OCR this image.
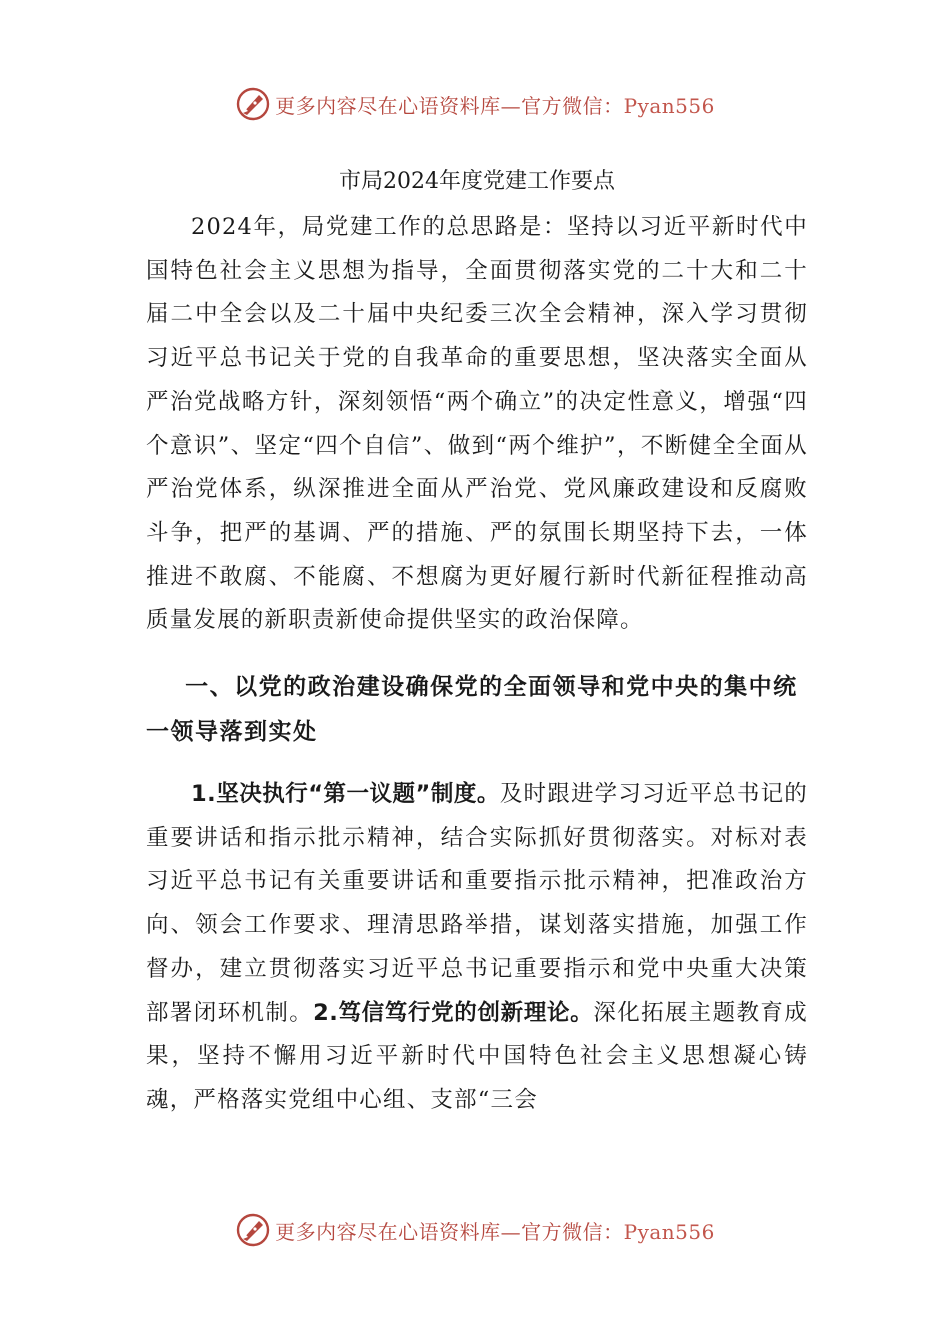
更多内容尽在心语资料库—官方微信：Pyan556

市局2024年度党建工作要点

2024年，局党建工作的总思路是：坚持以习近平新时代中国特色社会主义思想为指导，全面贯彻落实党的二十大和二十届二中全会以及二十届中央纪委三次全会精神，深入学习贯彻习近平总书记关于党的自我革命的重要思想，坚决落实全面从严治党战略方针，深刻领悟“两个确立”的决定性意义，增强“四个意识”、坚定“四个自信”、做到“两个维护”，不断健全全面从严治党体系，纵深推进全面从严治党、党风廉政建设和反腐败斗争，把严的基调、严的措施、严的氛围长期坚持下去，一体推进不敢腐、不能腐、不想腐为更好履行新时代新征程推动高质量发展的新职责新使命提供坚实的政治保障。

一、以党的政治建设确保党的全面领导和党中央的集中统一领导落到实处

1.坚决执行“第一议题”制度。及时跟进学习习近平总书记的重要讲话和指示批示精神，结合实际抓好贯彻落实。对标对表习近平总书记有关重要讲话和重要指示批示精神，把准政治方向、领会工作要求、理清思路举措，谋划落实措施，加强工作督办，建立贯彻落实习近平总书记重要指示和党中央重大决策部署闭环机制。2.笃信笃行党的创新理论。深化拓展主题教育成果，坚持不懈用习近平新时代中国特色社会主义思想凝心铸魂，严格落实党组中心组、支部“三会

更多内容尽在心语资料库—官方微信：Pyan556
